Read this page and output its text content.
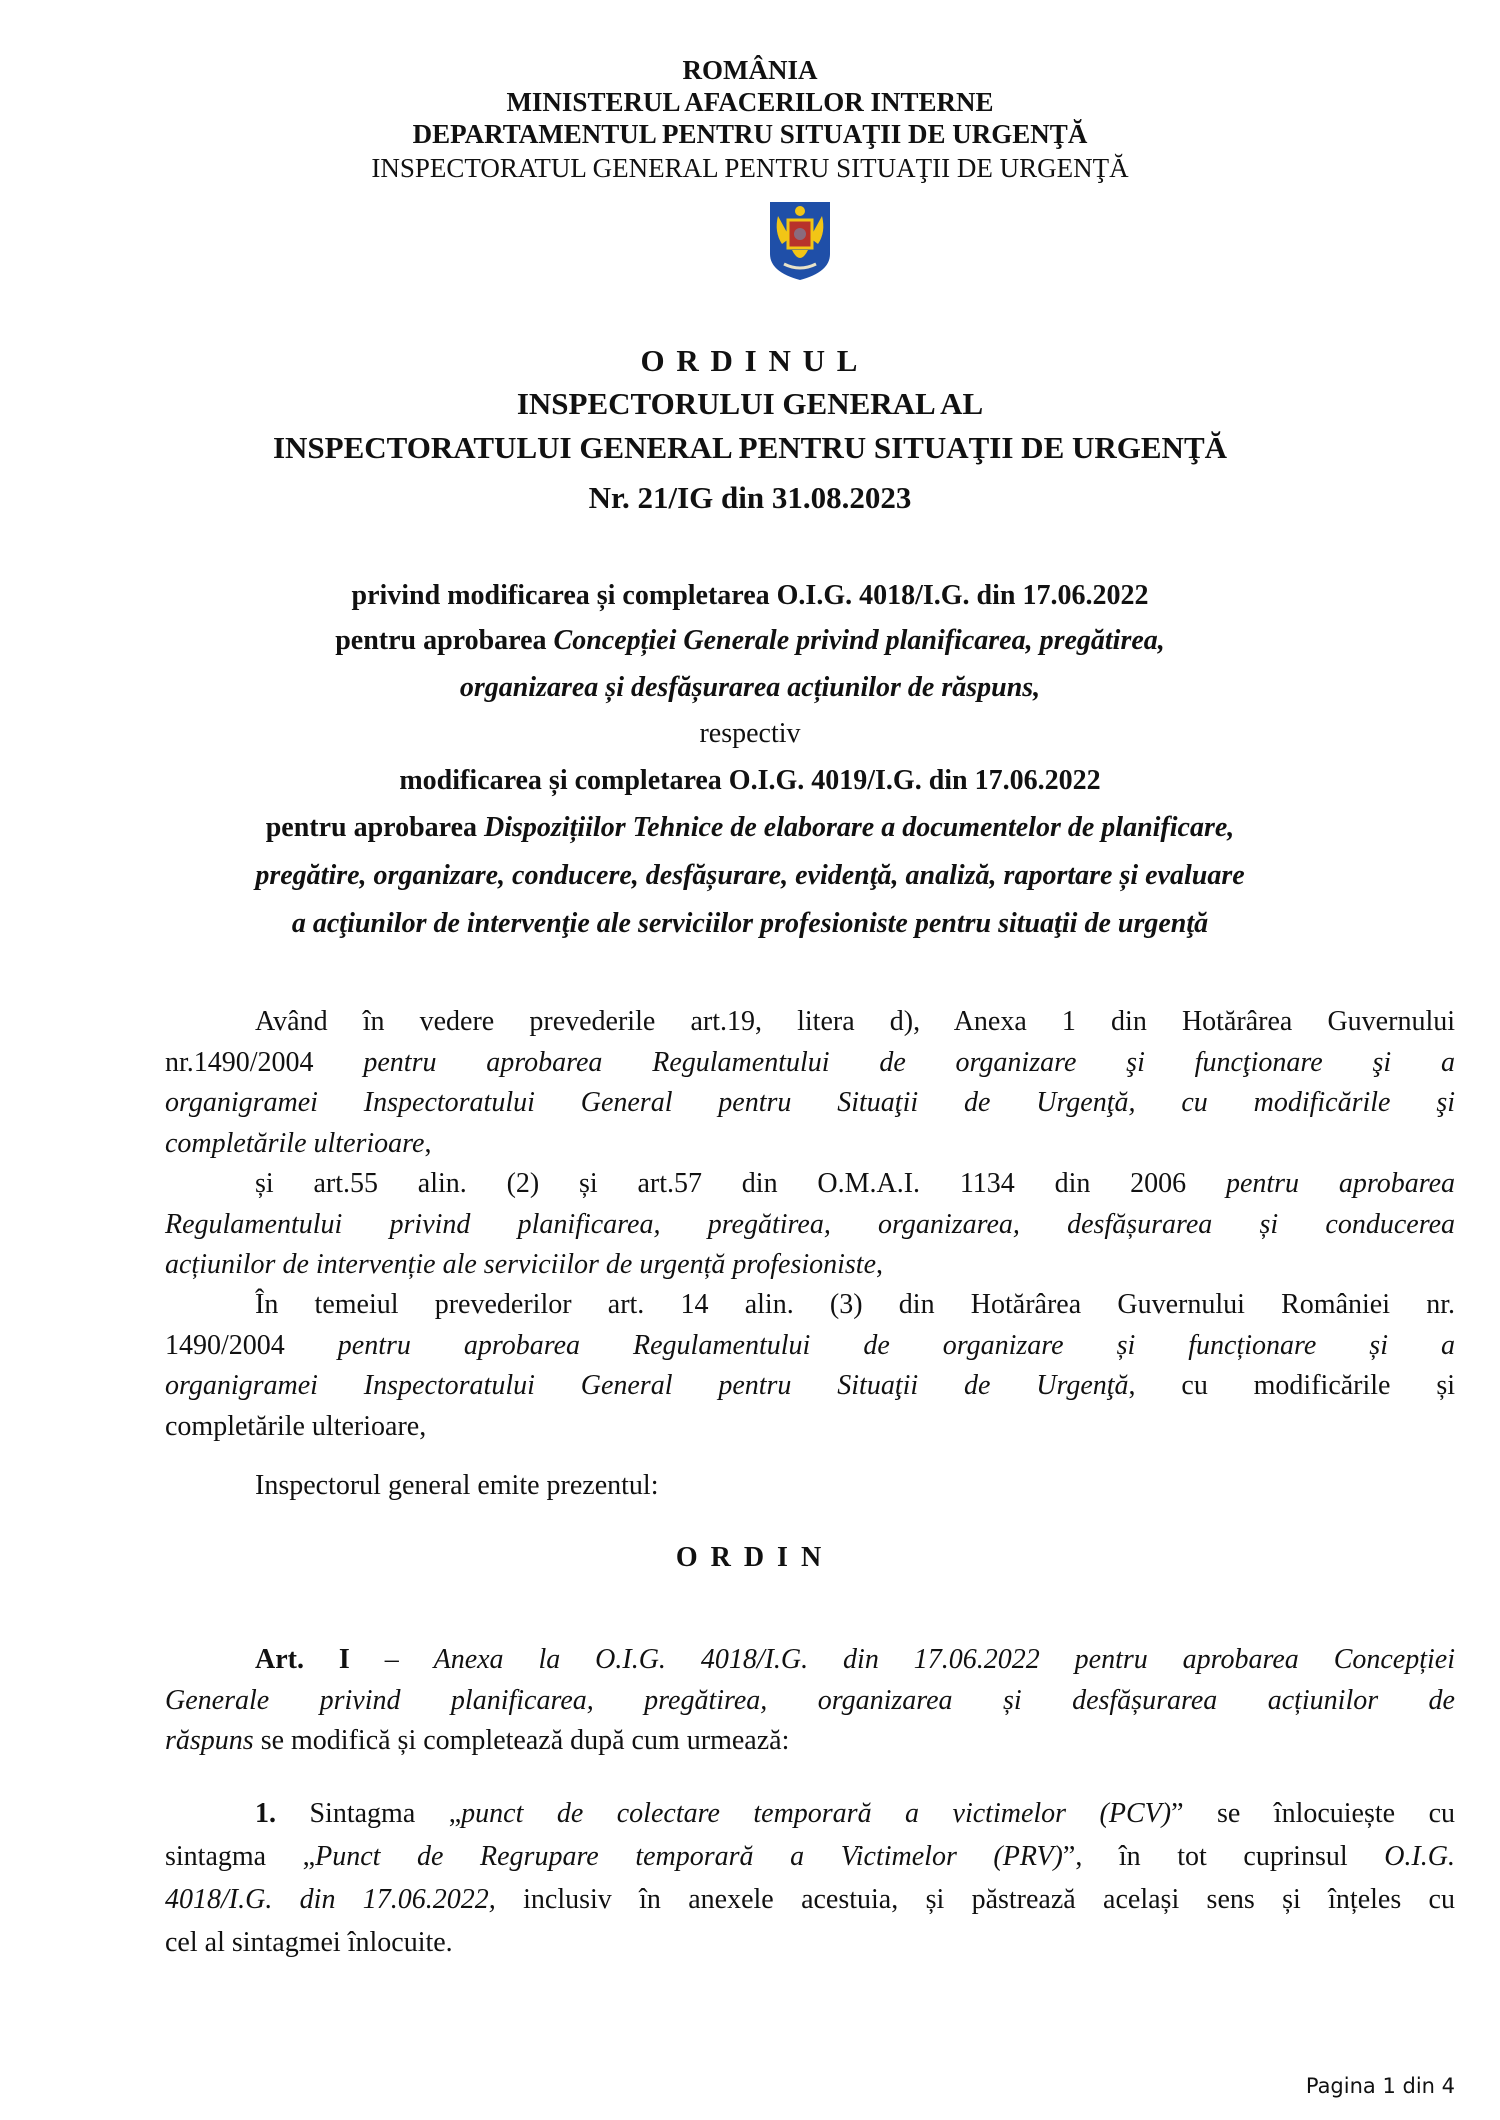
ROMÂNIA
MINISTERUL AFACERILOR INTERNE
DEPARTAMENTUL PENTRU SITUAŢII DE URGENŢĂ
INSPECTORATUL GENERAL PENTRU SITUAŢII DE URGENŢĂ
O R D I N U L
INSPECTORULUI GENERAL AL
INSPECTORATULUI GENERAL PENTRU SITUAŢII DE URGENŢĂ
Nr. 21/IG din 31.08.2023
privind modificarea și completarea O.I.G. 4018/I.G. din 17.06.2022
pentru aprobarea Concepției Generale privind planificarea, pregătirea,
organizarea și desfășurarea acțiunilor de răspuns,
respectiv
modificarea și completarea O.I.G. 4019/I.G. din 17.06.2022
pentru aprobarea Dispozițiilor Tehnice de elaborare a documentelor de planificare,
pregătire, organizare, conducere, desfășurare, evidenţă, analiză, raportare și evaluare
a acţiunilor de intervenţie ale serviciilor profesioniste pentru situaţii de urgenţă
Având în vedere prevederile art.19, litera d), Anexa 1 din Hotărârea Guvernului
nr.1490/2004 pentru aprobarea Regulamentului de organizare şi funcţionare şi a
organigramei Inspectoratului General pentru Situaţii de Urgenţă, cu modificările şi
completările ulterioare,
și art.55 alin. (2) și art.57 din O.M.A.I. 1134 din 2006 pentru aprobarea
Regulamentului privind planificarea, pregătirea, organizarea, desfășurarea și conducerea
acțiunilor de intervenție ale serviciilor de urgență profesioniste,
În temeiul prevederilor art. 14 alin. (3) din Hotărârea Guvernului României nr.
1490/2004 pentru aprobarea Regulamentului de organizare și funcționare și a
organigramei Inspectoratului General pentru Situaţii de Urgenţă, cu modificările și
completările ulterioare,
Inspectorul general emite prezentul:
O R D I N
Art. I – Anexa la O.I.G. 4018/I.G. din 17.06.2022 pentru aprobarea Concepției
Generale privind planificarea, pregătirea, organizarea și desfășurarea acțiunilor de
răspuns se modifică și completează după cum urmează:
1. Sintagma „punct de colectare temporară a victimelor (PCV)” se înlocuiește cu
sintagma „Punct de Regrupare temporară a Victimelor (PRV)”, în tot cuprinsul O.I.G.
4018/I.G. din 17.06.2022, inclusiv în anexele acestuia, și păstrează același sens și înțeles cu
cel al sintagmei înlocuite.
Pagina 1 din 4
